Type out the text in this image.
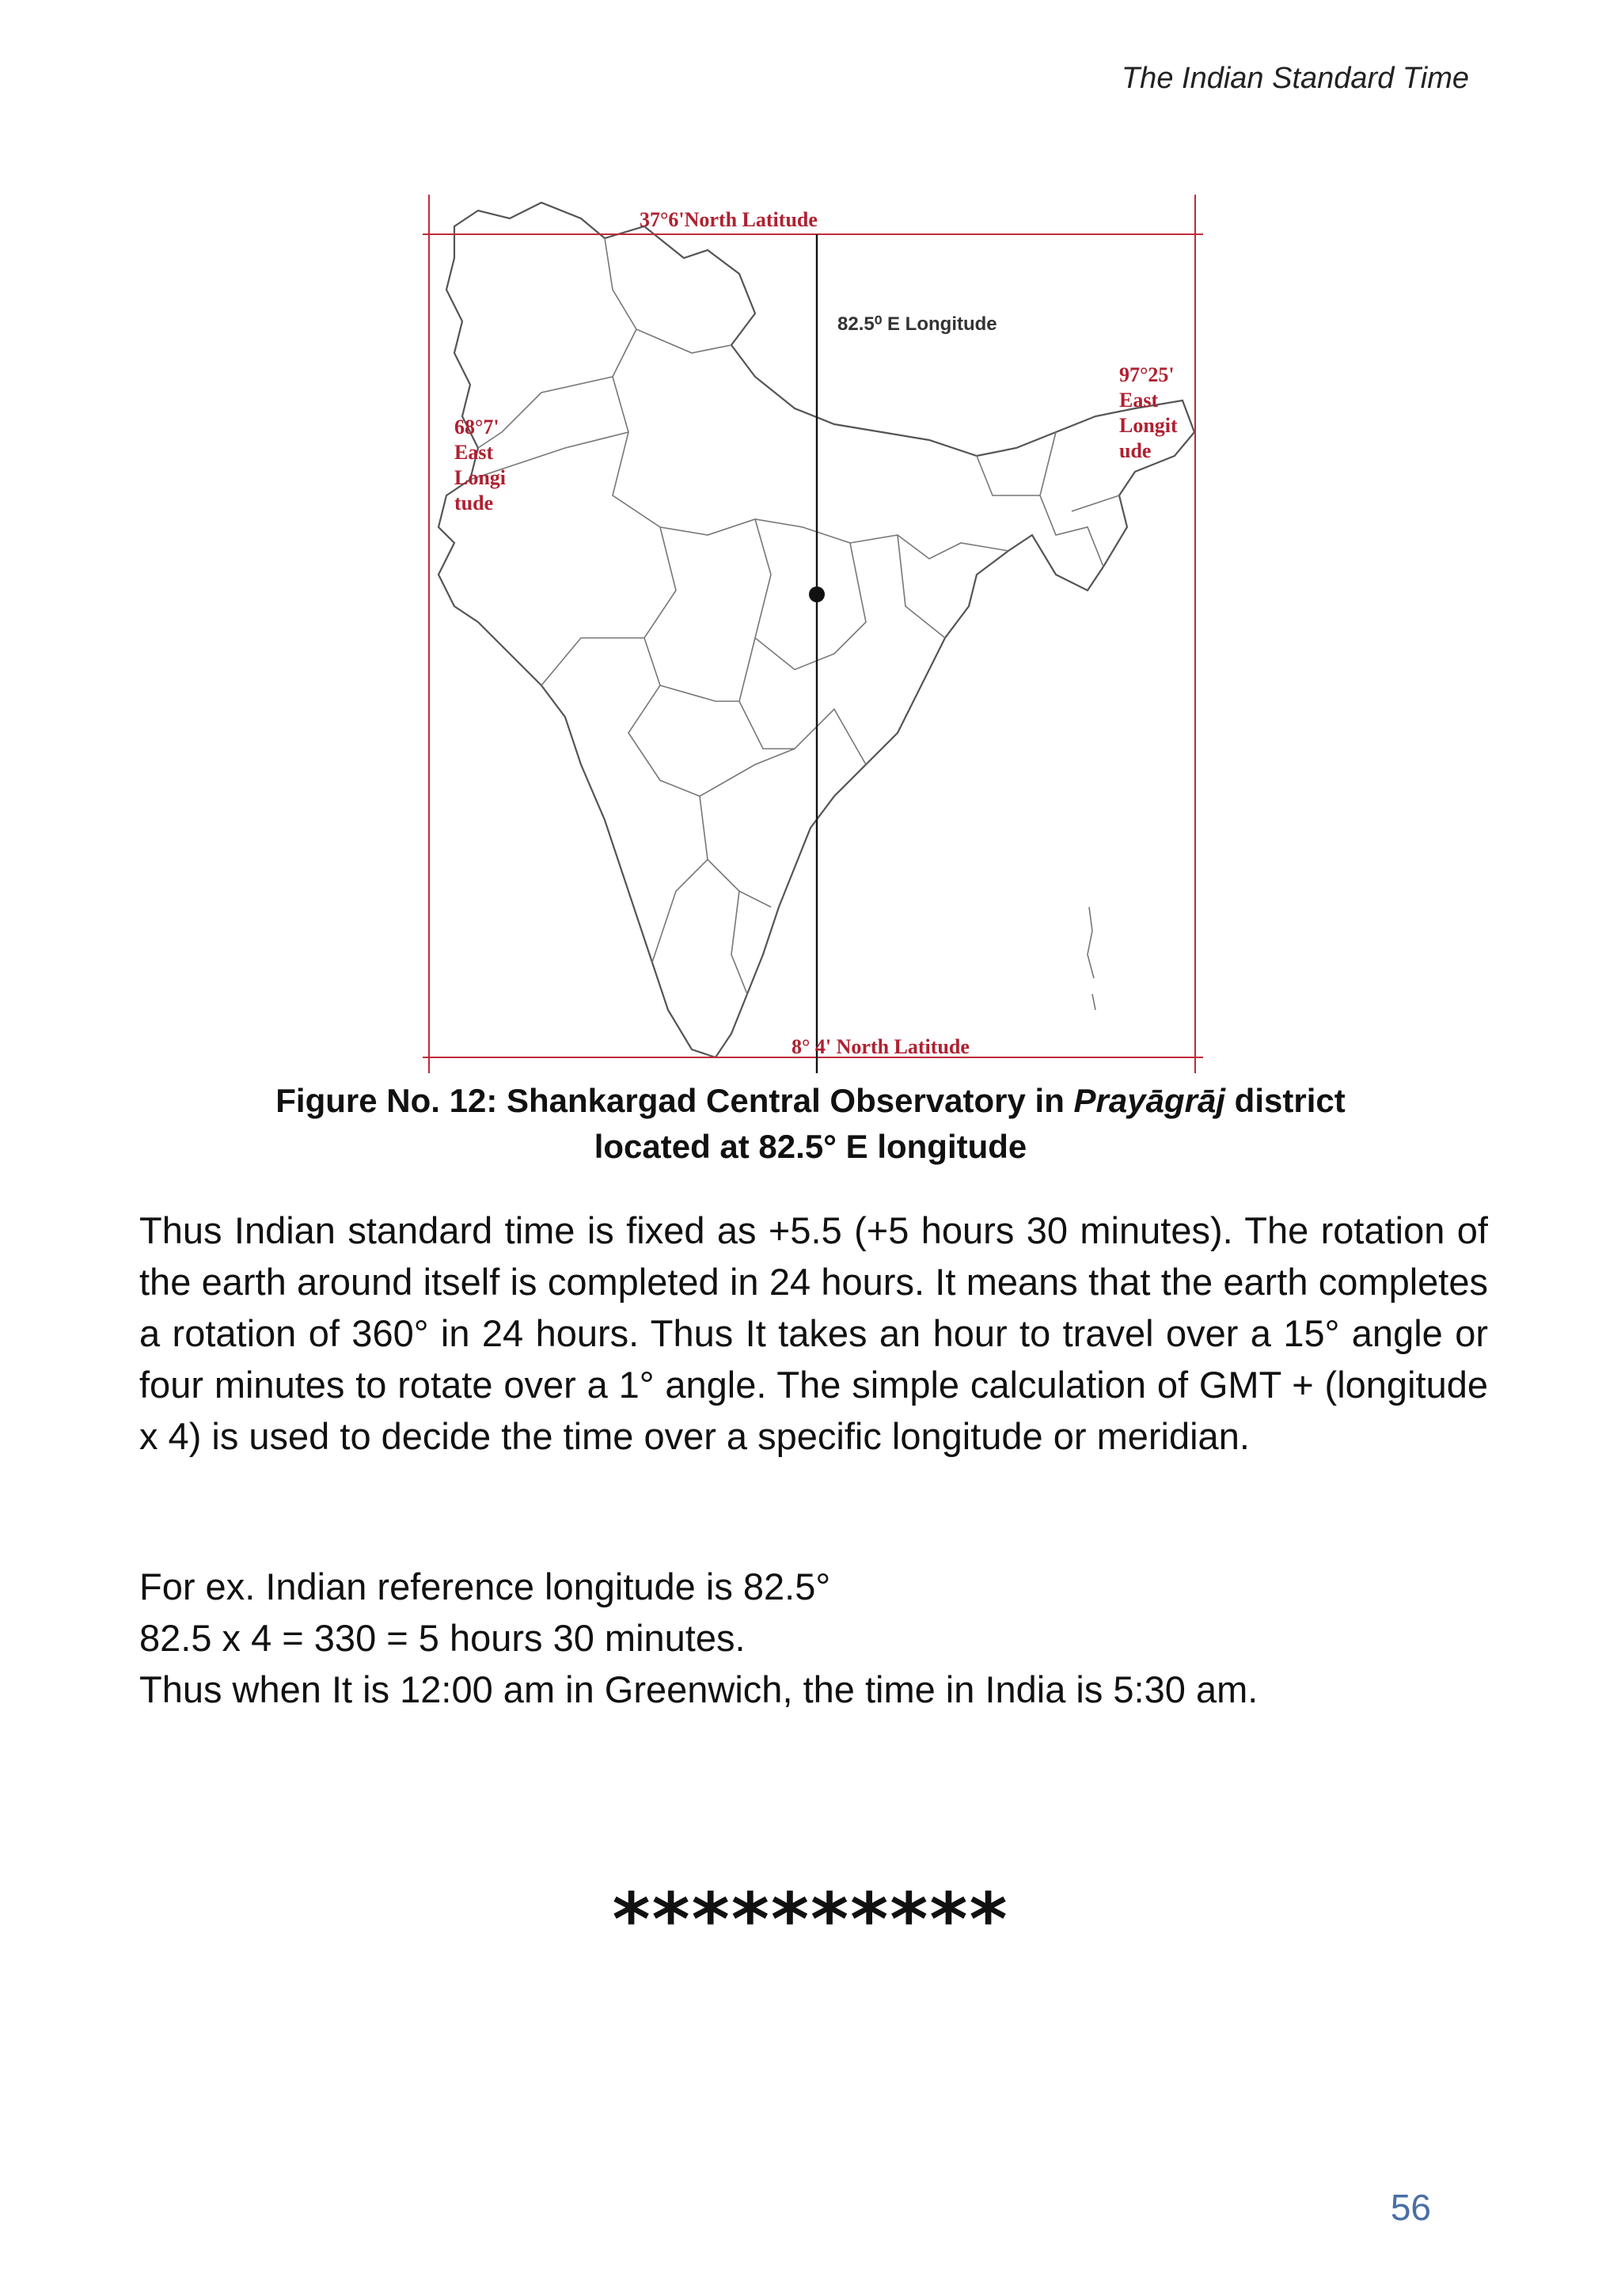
The Indian Standard Time
37°6'North Latitude
82.5⁰ E Longitude
97°25'
East
Longit
ude
68°7'
East
Longi
tude
8° 4' North Latitude
Figure No. 12: Shankargad Central Observatory in Prayāgrāj district
located at 82.5° E longitude

Thus Indian standard time is fixed as +5.5 (+5 hours 30 minutes). The rotation of the earth around itself is completed in 24 hours. It means that the earth completes a rotation of 360° in 24 hours. Thus It takes an hour to travel over a 15° angle or four minutes to rotate over a 1° angle. The simple calculation of GMT + (longitude x 4) is used to decide the time over a specific longitude or meridian.

For ex. Indian reference longitude is 82.5°
82.5 x 4 = 330 = 5 hours 30 minutes.
Thus when It is 12:00 am in Greenwich, the time in India is 5:30 am.
**********
56
